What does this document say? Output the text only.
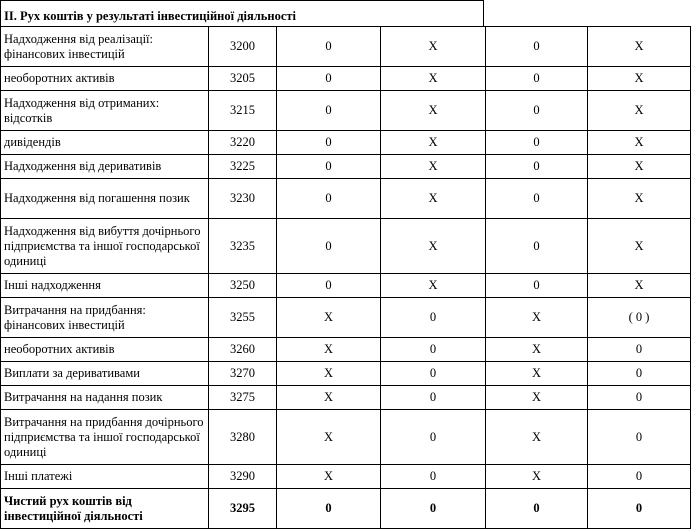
II. Рух коштів у результаті інвестиційної діяльності
Надходження від реалізації: фінансових інвестицій	3200	0	X	0	X
необоротних активів	3205	0	X	0	X
Надходження від отриманих: відсотків	3215	0	X	0	X
дивідендів	3220	0	X	0	X
Надходження від деривативів	3225	0	X	0	X
Надходження від погашення позик	3230	0	X	0	X
Надходження від вибуття дочірнього підприємства та іншої господарської одиниці	3235	0	X	0	X
Інші надходження	3250	0	X	0	X
Витрачання на придбання: фінансових інвестицій	3255	X	0	X	( 0 )
необоротних активів	3260	X	0	X	0
Виплати за деривативами	3270	X	0	X	0
Витрачання на надання позик	3275	X	0	X	0
Витрачання на придбання дочірнього підприємства та іншої господарської одиниці	3280	X	0	X	0
Інші платежі	3290	X	0	X	0
Чистий рух коштів від інвестиційної діяльності	3295	0	0	0	0
